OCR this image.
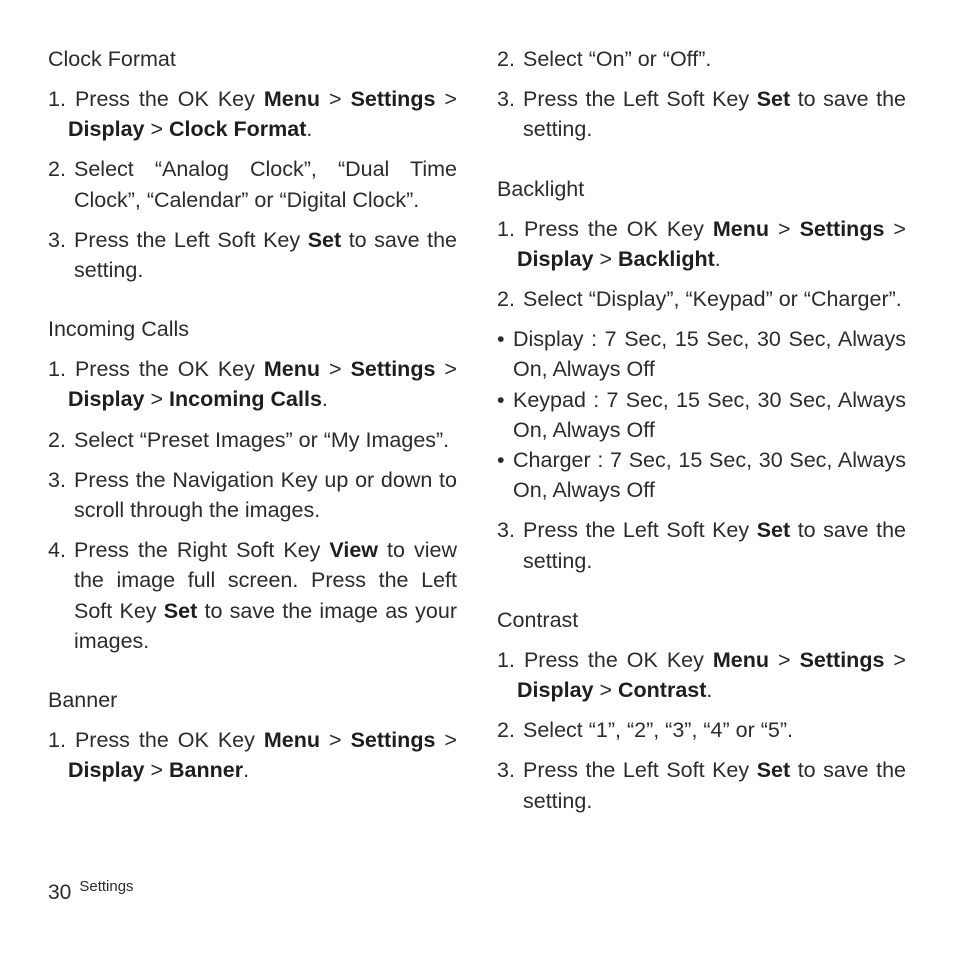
Clock Format
1. Press the OK Key Menu > Settings > Display > Clock Format.
2. Select “Analog Clock”, “Dual Time Clock”, “Calendar” or “Digital Clock”.
3. Press the Left Soft Key Set to save the setting.
Incoming Calls
1. Press the OK Key Menu > Settings > Display > Incoming Calls.
2. Select “Preset Images” or “My Images”.
3. Press the Navigation Key up or down to scroll through the images.
4. Press the Right Soft Key View to view the image full screen. Press the Left Soft Key Set to save the image as your images.
Banner
1. Press the OK Key Menu > Settings > Display > Banner.
2. Select “On” or “Off”.
3. Press the Left Soft Key Set to save the setting.
Backlight
1. Press the OK Key Menu > Settings > Display > Backlight.
2. Select “Display”, “Keypad” or “Charger”.
• Display : 7 Sec, 15 Sec, 30 Sec, Always On, Always Off
• Keypad : 7 Sec, 15 Sec, 30 Sec, Always On, Always Off
• Charger : 7 Sec, 15 Sec, 30 Sec, Always On, Always Off
3. Press the Left Soft Key Set to save the setting.
Contrast
1. Press the OK Key Menu > Settings > Display > Contrast.
2. Select “1”, “2”, “3”, “4” or “5”.
3. Press the Left Soft Key Set to save the setting.
30 Settings
